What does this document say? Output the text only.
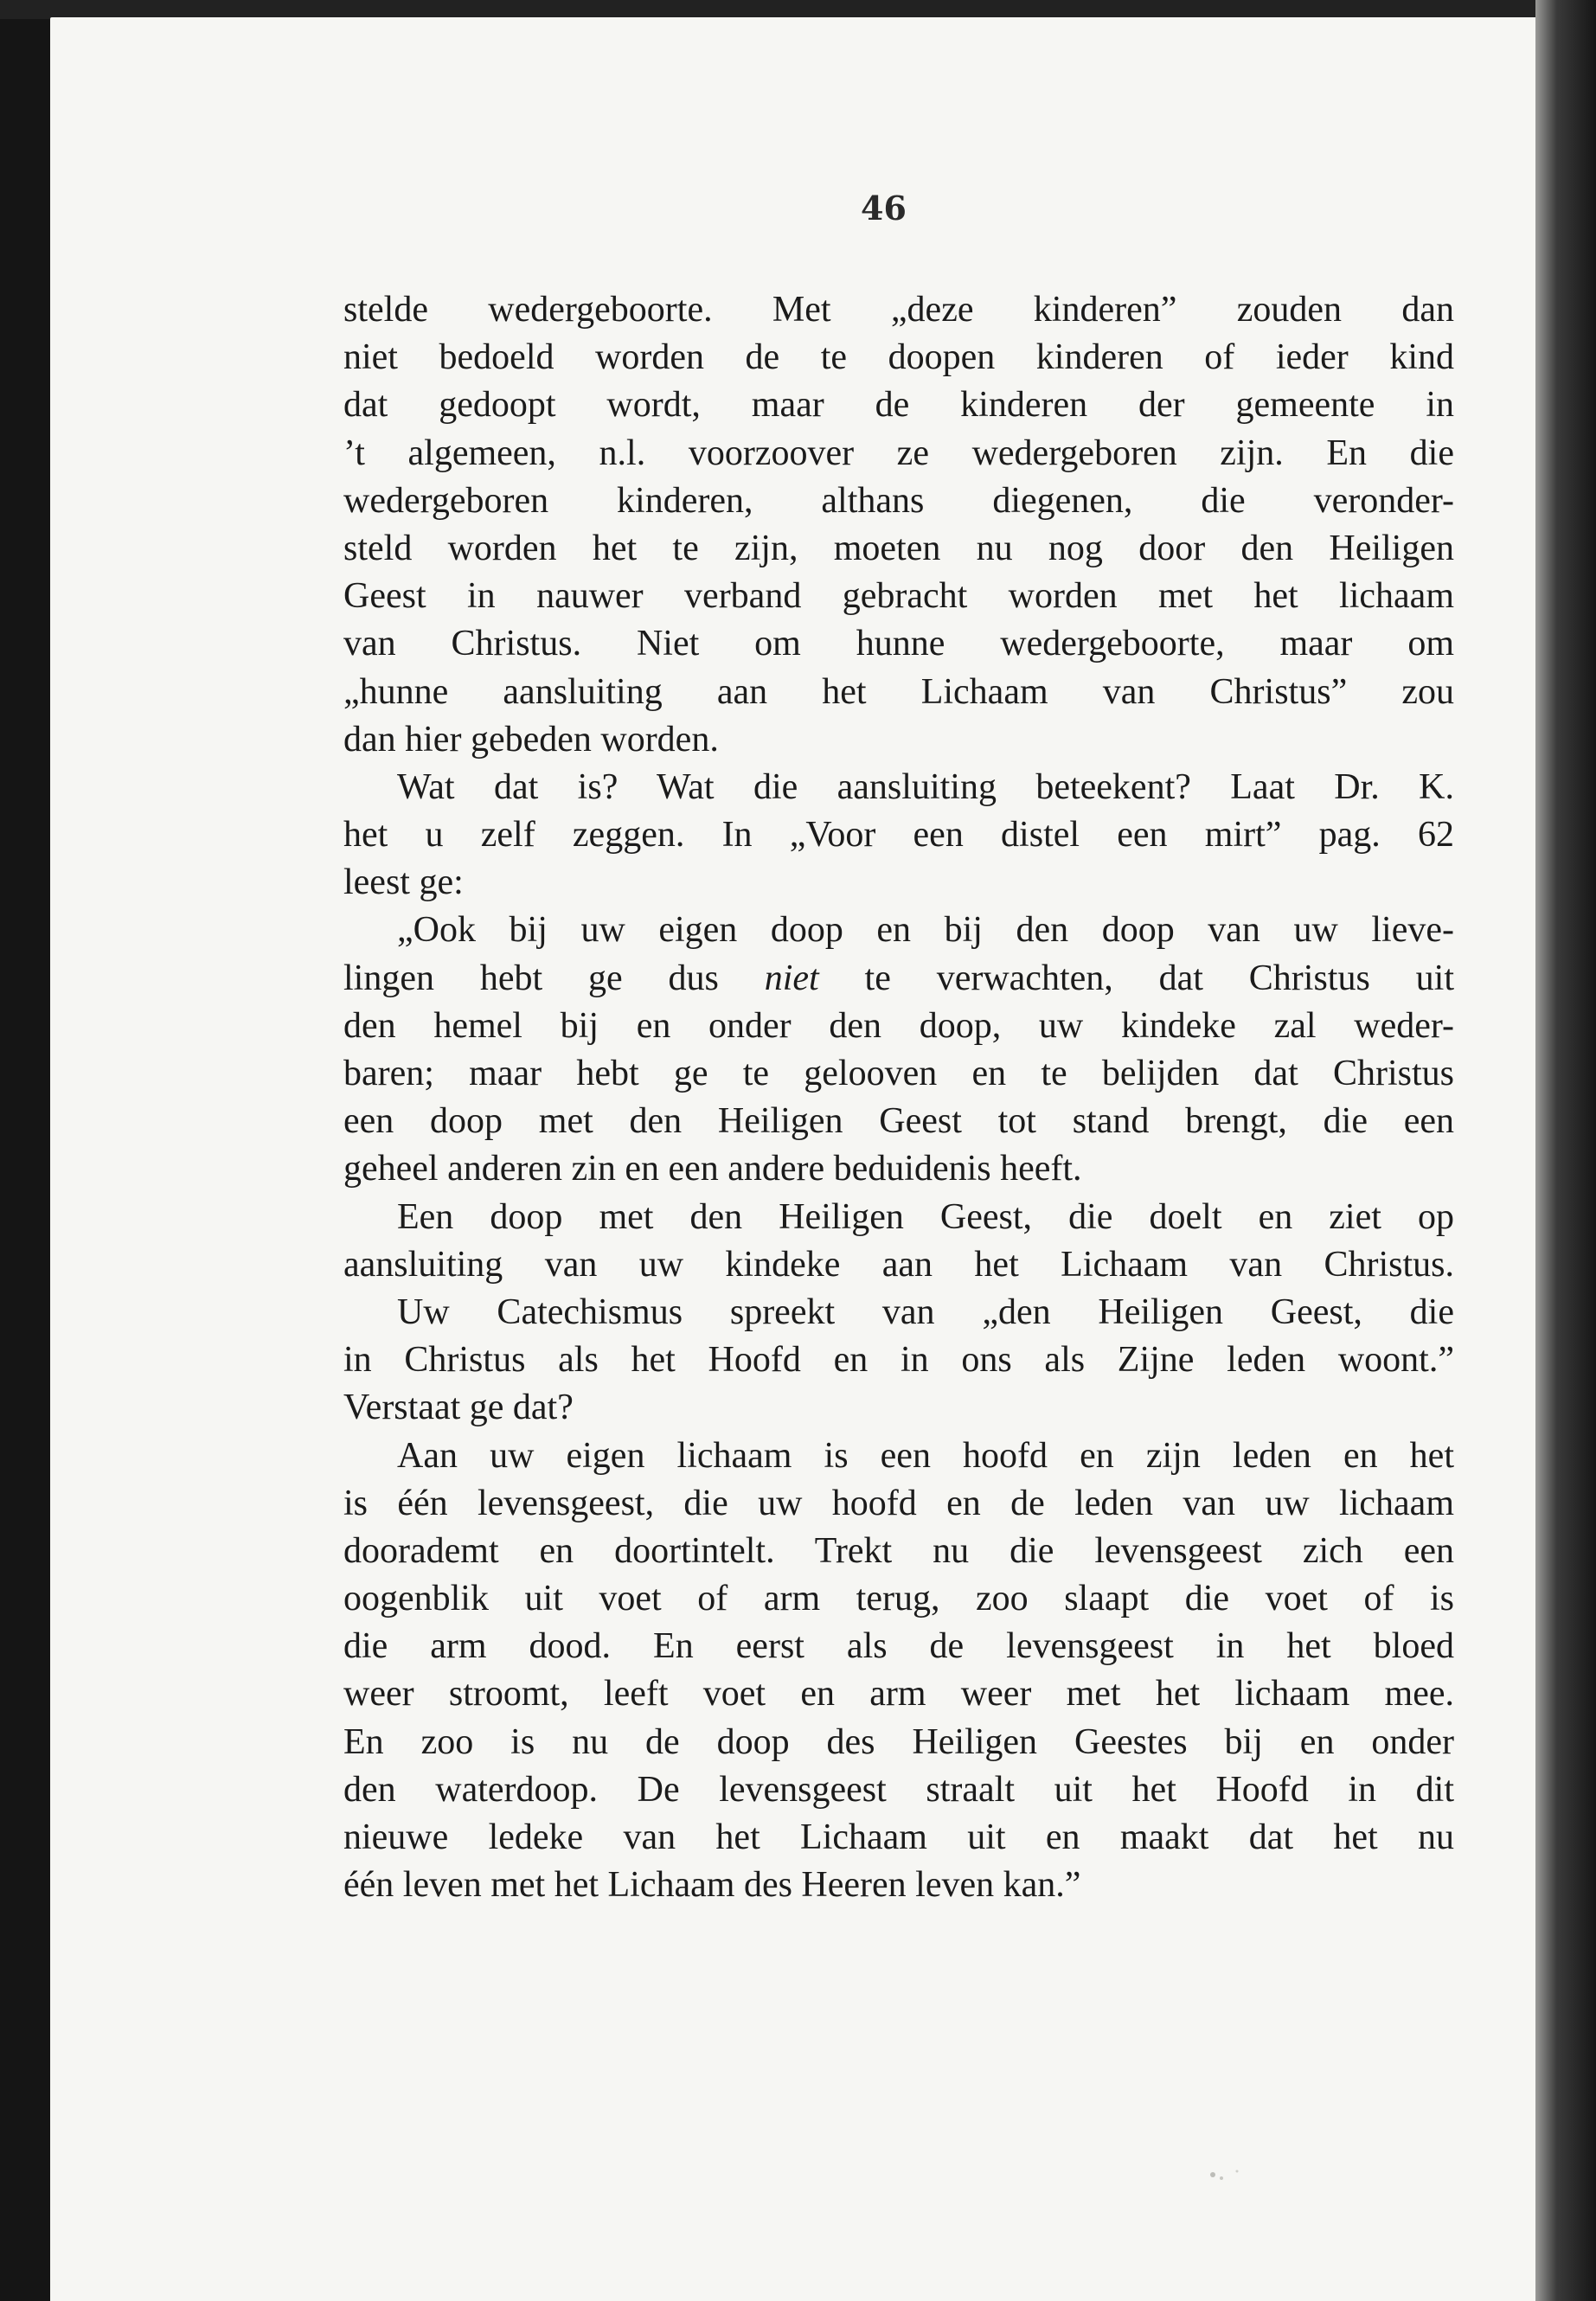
46
stelde wedergeboorte. Met „deze kinderen” zouden dan
niet bedoeld worden de te doopen kinderen of ieder kind
dat gedoopt wordt, maar de kinderen der gemeente in
’t algemeen, n.l. voorzoover ze wedergeboren zijn. En die
wedergeboren kinderen, althans diegenen, die veronder-
steld worden het te zijn, moeten nu nog door den Heiligen
Geest in nauwer verband gebracht worden met het lichaam
van Christus. Niet om hunne wedergeboorte, maar om
„hunne aansluiting aan het Lichaam van Christus” zou
dan hier gebeden worden.
Wat dat is? Wat die aansluiting beteekent? Laat Dr. K.
het u zelf zeggen. In „Voor een distel een mirt” pag. 62
leest ge:
„Ook bij uw eigen doop en bij den doop van uw lieve-
lingen hebt ge dus niet te verwachten, dat Christus uit
den hemel bij en onder den doop, uw kindeke zal weder-
baren; maar hebt ge te gelooven en te belijden dat Christus
een doop met den Heiligen Geest tot stand brengt, die een
geheel anderen zin en een andere beduidenis heeft.
Een doop met den Heiligen Geest, die doelt en ziet op
aansluiting van uw kindeke aan het Lichaam van Christus.
Uw Catechismus spreekt van „den Heiligen Geest, die
in Christus als het Hoofd en in ons als Zijne leden woont.”
Verstaat ge dat?
Aan uw eigen lichaam is een hoofd en zijn leden en het
is één levensgeest, die uw hoofd en de leden van uw lichaam
doorademt en doortintelt. Trekt nu die levensgeest zich een
oogenblik uit voet of arm terug, zoo slaapt die voet of is
die arm dood. En eerst als de levensgeest in het bloed
weer stroomt, leeft voet en arm weer met het lichaam mee.
En zoo is nu de doop des Heiligen Geestes bij en onder
den waterdoop. De levensgeest straalt uit het Hoofd in dit
nieuwe ledeke van het Lichaam uit en maakt dat het nu
één leven met het Lichaam des Heeren leven kan.”
